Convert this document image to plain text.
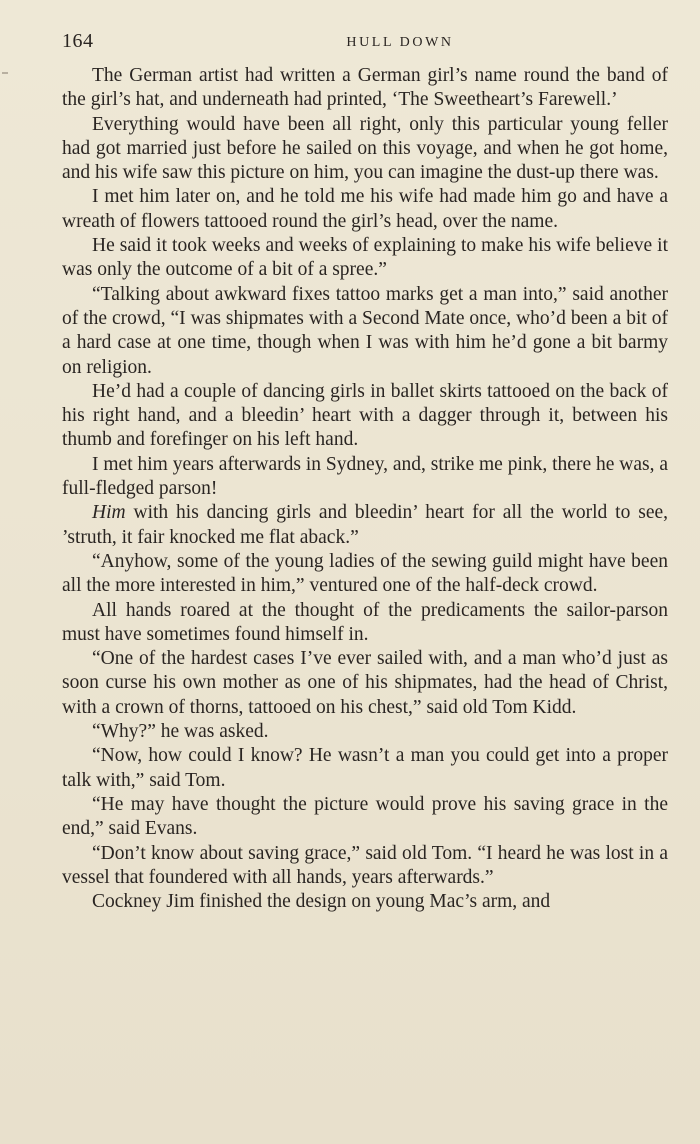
164	HULL DOWN

The German artist had written a German girl’s name round the band of the girl’s hat, and underneath had printed, ‘The Sweetheart’s Farewell.’

Everything would have been all right, only this particular young feller had got married just before he sailed on this voyage, and when he got home, and his wife saw this picture on him, you can imagine the dust-up there was.

I met him later on, and he told me his wife had made him go and have a wreath of flowers tattooed round the girl’s head, over the name.

He said it took weeks and weeks of explaining to make his wife believe it was only the outcome of a bit of a spree.”

“Talking about awkward fixes tattoo marks get a man into,” said another of the crowd, “I was shipmates with a Second Mate once, who’d been a bit of a hard case at one time, though when I was with him he’d gone a bit barmy on religion.

He’d had a couple of dancing girls in ballet skirts tattooed on the back of his right hand, and a bleedin’ heart with a dagger through it, between his thumb and forefinger on his left hand.

I met him years afterwards in Sydney, and, strike me pink, there he was, a full-fledged parson!

Him with his dancing girls and bleedin’ heart for all the world to see, ’struth, it fair knocked me flat aback.”

“Anyhow, some of the young ladies of the sewing guild might have been all the more interested in him,” ventured one of the half-deck crowd.

All hands roared at the thought of the predicaments the sailor-parson must have sometimes found himself in.

“One of the hardest cases I’ve ever sailed with, and a man who’d just as soon curse his own mother as one of his shipmates, had the head of Christ, with a crown of thorns, tattooed on his chest,” said old Tom Kidd.

“Why?” he was asked.

“Now, how could I know? He wasn’t a man you could get into a proper talk with,” said Tom.

“He may have thought the picture would prove his saving grace in the end,” said Evans.

“Don’t know about saving grace,” said old Tom. “I heard he was lost in a vessel that foundered with all hands, years afterwards.”

Cockney Jim finished the design on young Mac’s arm, and
